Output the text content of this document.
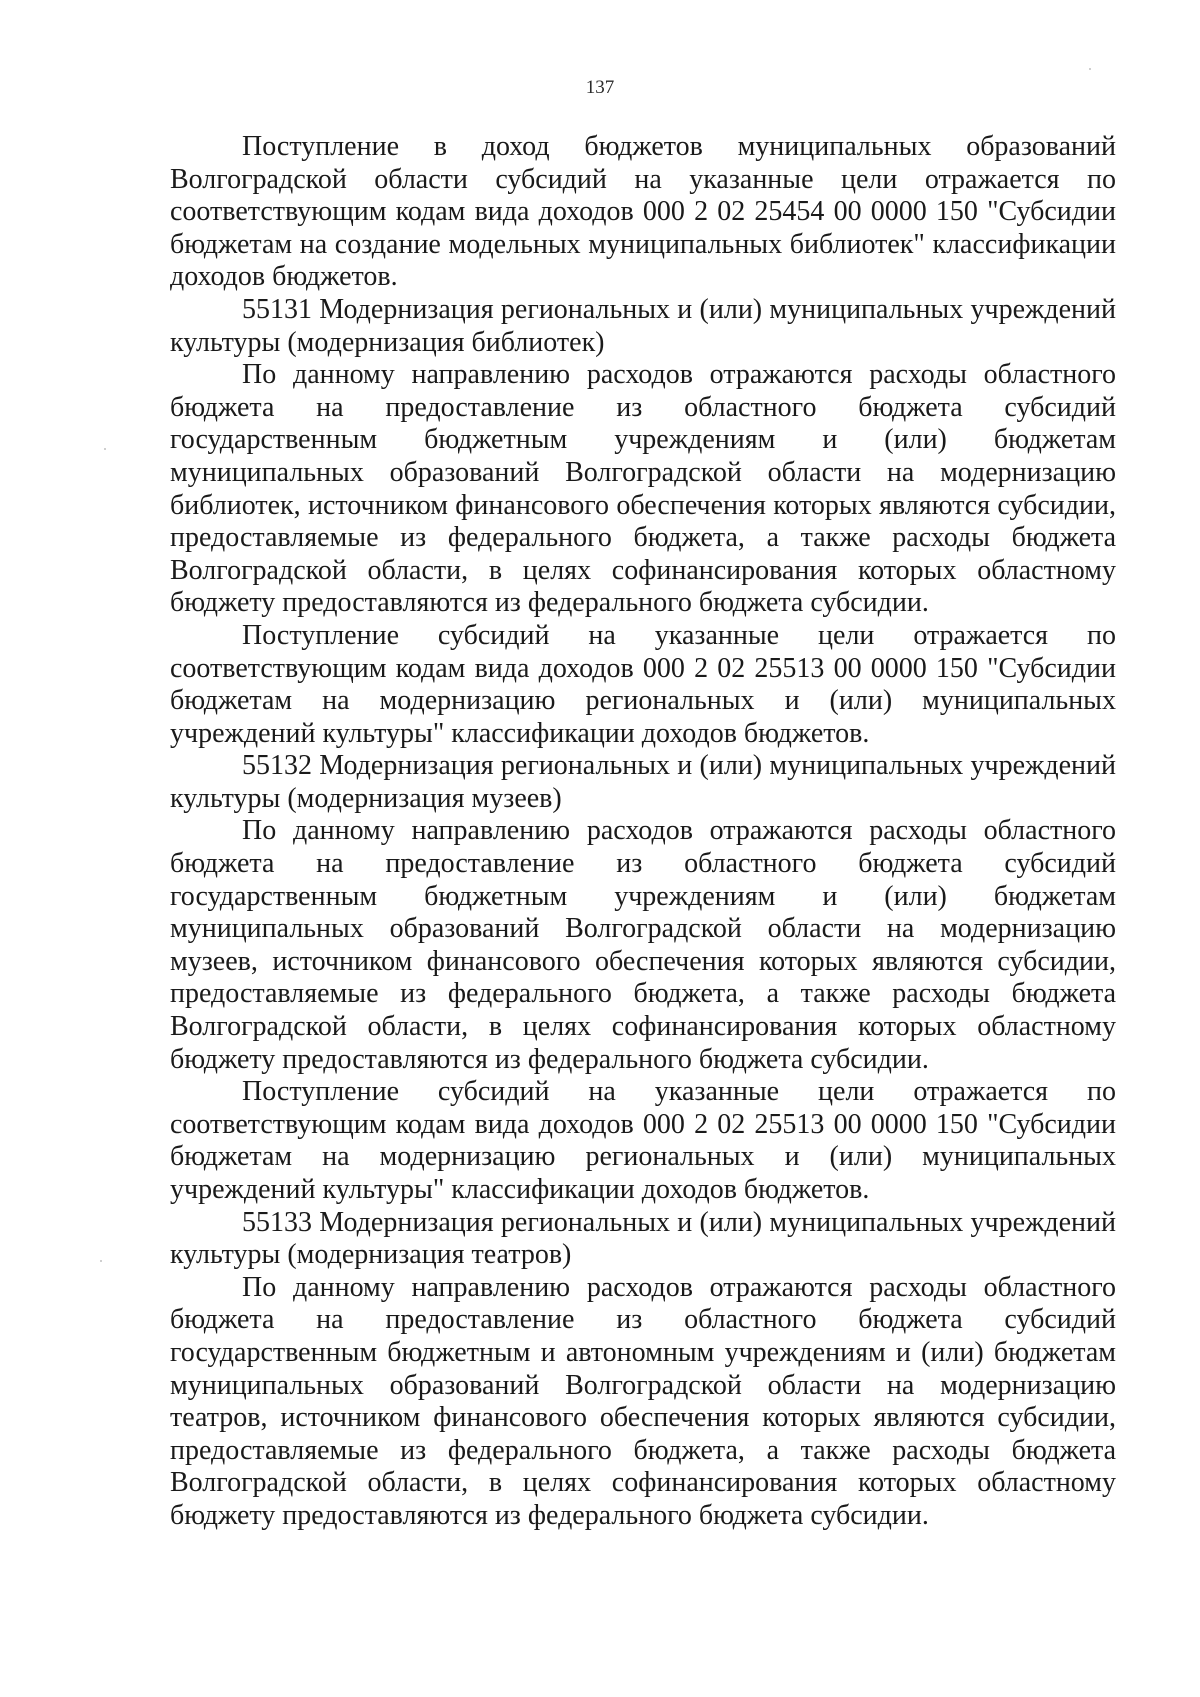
137

Поступление в доход бюджетов муниципальных образований Волгоградской области субсидий на указанные цели отражается по соответствующим кодам вида доходов 000 2 02 25454 00 0000 150 "Субсидии бюджетам на создание модельных муниципальных библиотек" классификации доходов бюджетов.

55131 Модернизация региональных и (или) муниципальных учреждений культуры (модернизация библиотек)

По данному направлению расходов отражаются расходы областного бюджета на предоставление из областного бюджета субсидий государственным бюджетным учреждениям и (или) бюджетам муниципальных образований Волгоградской области на модернизацию библиотек, источником финансового обеспечения которых являются субсидии, предоставляемые из федерального бюджета, а также расходы бюджета Волгоградской области, в целях софинансирования которых областному бюджету предоставляются из федерального бюджета субсидии.

Поступление субсидий на указанные цели отражается по соответствующим кодам вида доходов 000 2 02 25513 00 0000 150 "Субсидии бюджетам на модернизацию региональных и (или) муниципальных учреждений культуры" классификации доходов бюджетов.

55132 Модернизация региональных и (или) муниципальных учреждений культуры (модернизация музеев)

По данному направлению расходов отражаются расходы областного бюджета на предоставление из областного бюджета субсидий государственным бюджетным учреждениям и (или) бюджетам муниципальных образований Волгоградской области на модернизацию музеев, источником финансового обеспечения которых являются субсидии, предоставляемые из федерального бюджета, а также расходы бюджета Волгоградской области, в целях софинансирования которых областному бюджету предоставляются из федерального бюджета субсидии.

Поступление субсидий на указанные цели отражается по соответствующим кодам вида доходов 000 2 02 25513 00 0000 150 "Субсидии бюджетам на модернизацию региональных и (или) муниципальных учреждений культуры" классификации доходов бюджетов.

55133 Модернизация региональных и (или) муниципальных учреждений культуры (модернизация театров)

По данному направлению расходов отражаются расходы областного бюджета на предоставление из областного бюджета субсидий государственным бюджетным и автономным учреждениям и (или) бюджетам муниципальных образований Волгоградской области на модернизацию театров, источником финансового обеспечения которых являются субсидии, предоставляемые из федерального бюджета, а также расходы бюджета Волгоградской области, в целях софинансирования которых областному бюджету предоставляются из федерального бюджета субсидии.
